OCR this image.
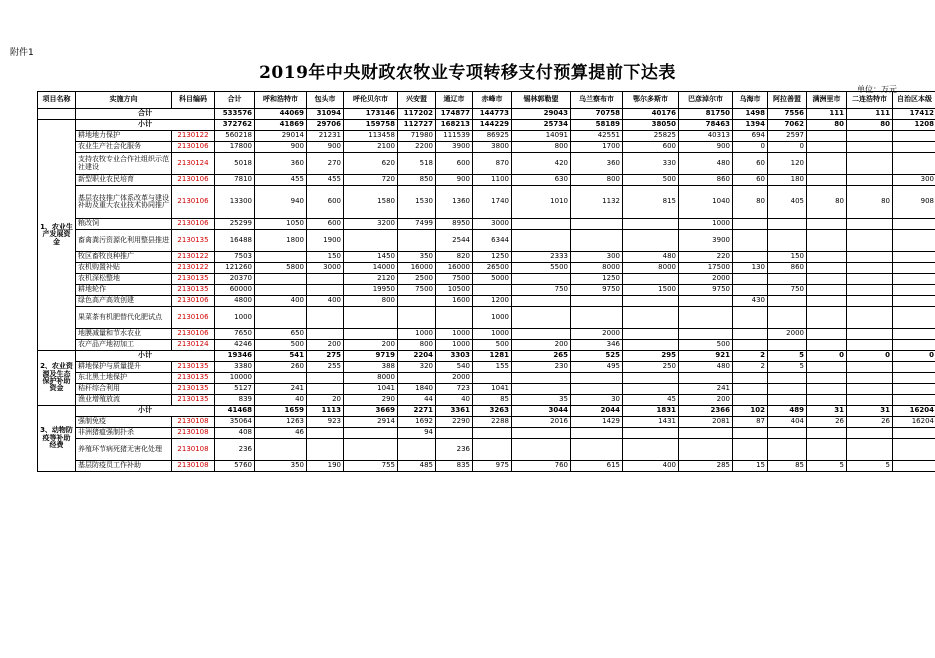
附件1
2019年中央财政农牧业专项转移支付预算提前下达表
单位：万元
项目名称	实施方向	科目编码	合计	呼和浩特市	包头市	呼伦贝尔市	兴安盟	通辽市	赤峰市	锡林郭勒盟	乌兰察布市	鄂尔多斯市	巴彦淖尔市	乌海市	阿拉善盟	满洲里市	二连浩特市	自治区本级
	合计		533576	44069	31094	173146	117202	174877	144773	29043	70758	40176	81750	1498	7556	111	111	17412
1、农业生产发展资金	小计		372762	41869	29706	159758	112727	168213	144229	25734	58189	38050	78463	1394	7062	80	80	1208
	耕地地力保护	2130122	560218	29014	21231	113458	71980	111539	86925	14091	42551	25825	40313	694	2597			
	农业生产社会化服务	2130106	17800	900	900	2100	2200	3900	3800	800	1700	600	900	0	0			
	支持农牧专业合作社组织示范社建设	2130124	5018	360	270	620	518	600	870	420	360	330	480	60	120			
	新型职业农民培育	2130106	7810	455	455	720	850	900	1100	630	800	500	860	60	180			300
	基层农技推广体系改革与建设补助及重大农业技术协同推广	2130106	13300	940	600	1580	1530	1360	1740	1010	1132	815	1040	80	405	80	80	908
	粮改饲	2130106	25299	1050	600	3200	7499	8950	3000				1000					
	畜禽粪污资源化利用整县推进	2130135	16488	1800	1900			2544	6344				3900					
	牧区畜牧良种推广	2130122	7503		150	1450	350	820	1250	2333	300	480	220		150			
	农机购置补贴	2130122	121260	5800	3000	14000	16000	16000	26500	5500	8000	8000	17500	130	860			
	农机深松整地	2130135	20370			2120	2500	7500	5000		1250		2000					
	耕地轮作	2130135	60000			19950	7500	10500		750	9750	1500	9750		750			
	绿色高产高效创建	2130106	4800	400	400	800		1600	1200					430				
	果菜茶有机肥替代化肥试点	2130106	1000						1000									
	地膜减量和节水农业	2130106	7650	650			1000	1000	1000		2000				2000			
	农产品产地初加工	2130124	4246	500	200	200	800	1000	500	200	346		500					
2、农业资源及生态保护补助资金	小计		19346	541	275	9719	2204	3303	1281	265	525	295	921	2	5	0	0	0
	耕地保护与质量提升	2130135	3380	260	255	388	320	540	155	230	495	250	480	2	5			
	东北黑土地保护	2130135	10000			8000		2000										
	秸秆综合利用	2130135	5127	241		1041	1840	723	1041				241					
	渔业增殖放流	2130135	839	40	20	290	44	40	85	35	30	45	200					
3、动物防疫等补助经费	小计		41468	1659	1113	3669	2271	3361	3263	3044	2044	1831	2366	102	489	31	31	16204
	强制免疫	2130108	35064	1263	923	2914	1692	2290	2288	2016	1429	1431	2081	87	404	26	26	16204
	非洲猪瘟强制扑杀	2130108	408	46			94											
	养殖环节病死猪无害化处理	2130108	236					236										
	基层防疫员工作补助	2130108	5760	350	190	755	485	835	975	760	615	400	285	15	85	5	5	
